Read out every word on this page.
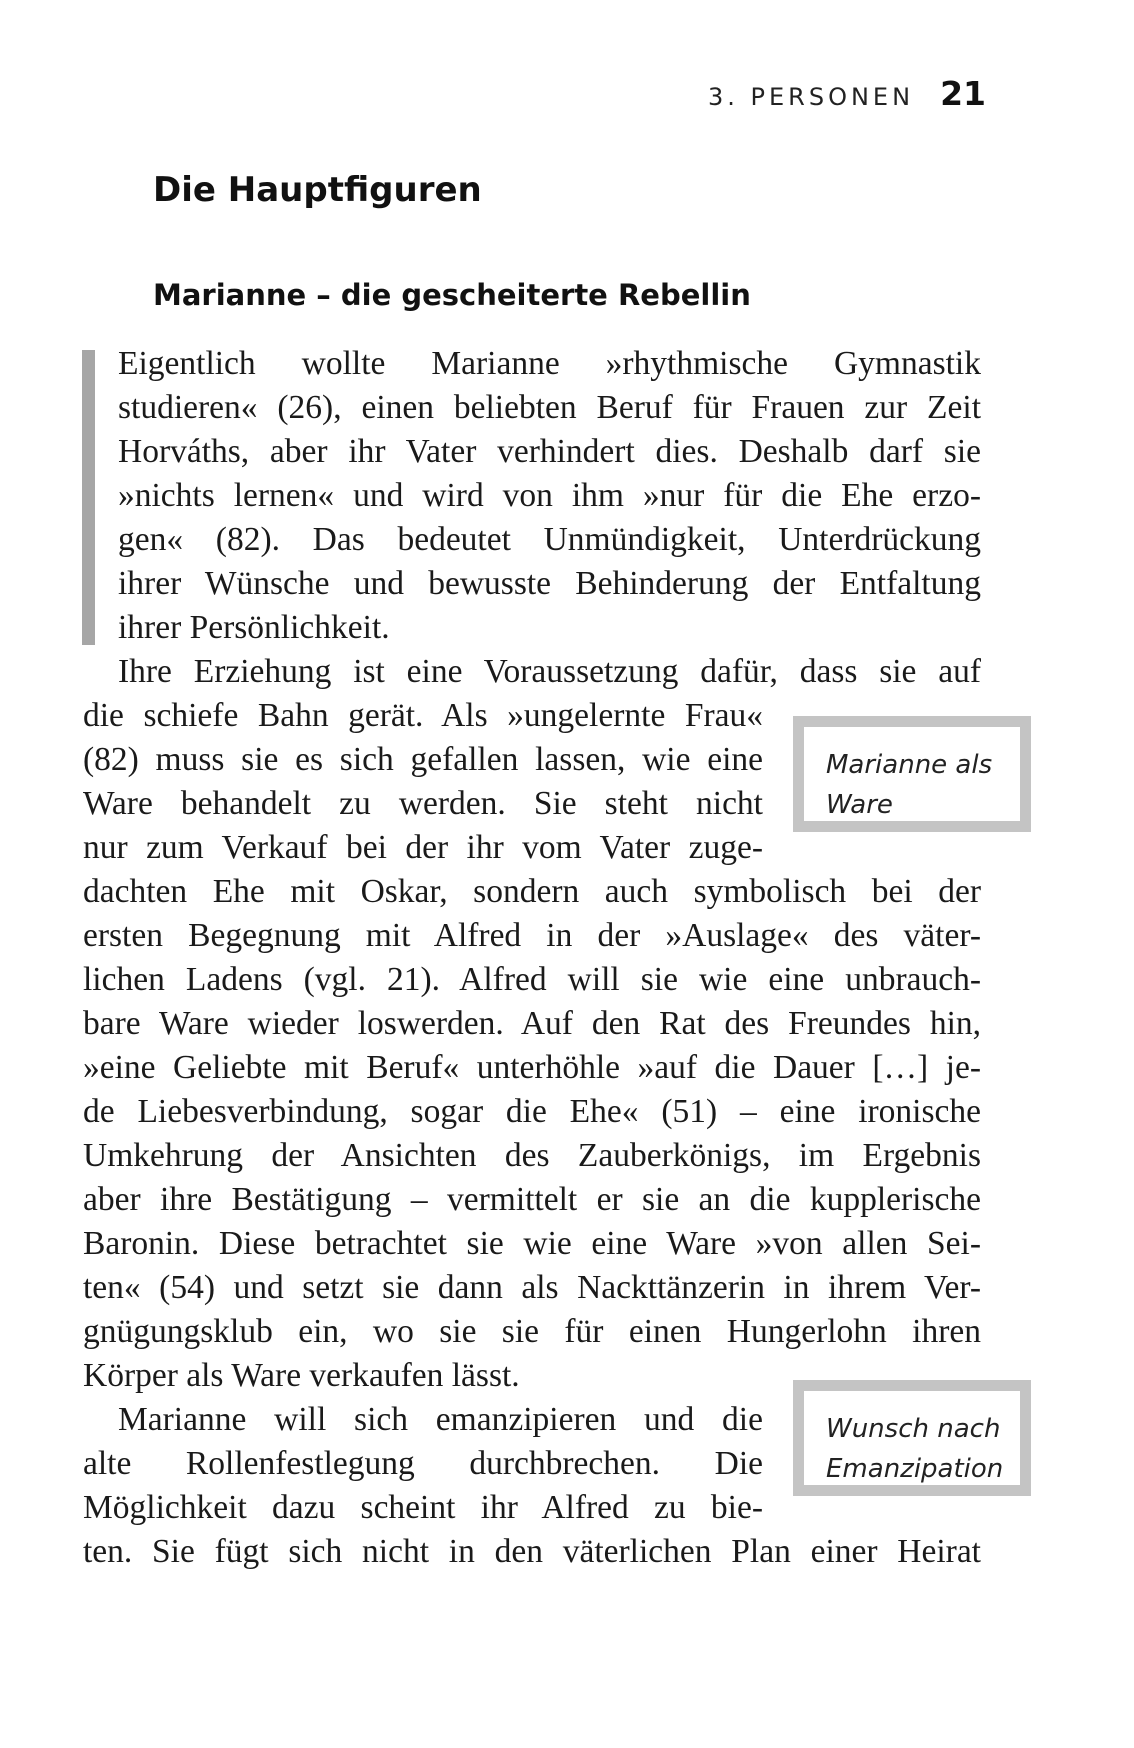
3. PERSONEN 21
Die Hauptfiguren
Marianne – die gescheiterte Rebellin
Eigentlich wollte Marianne »rhythmische Gymnastik
studieren« (26), einen beliebten Beruf für Frauen zur Zeit
Horváths, aber ihr Vater verhindert dies. Deshalb darf sie
»nichts lernen« und wird von ihm »nur für die Ehe erzo-
gen« (82). Das bedeutet Unmündigkeit, Unterdrückung
ihrer Wünsche und bewusste Behinderung der Entfaltung
ihrer Persönlichkeit.
Ihre Erziehung ist eine Voraussetzung dafür, dass sie auf
die schiefe Bahn gerät. Als »ungelernte Frau«
(82) muss sie es sich gefallen lassen, wie eine
Ware behandelt zu werden. Sie steht nicht
nur zum Verkauf bei der ihr vom Vater zuge-
dachten Ehe mit Oskar, sondern auch symbolisch bei der
ersten Begegnung mit Alfred in der »Auslage« des väter-
lichen Ladens (vgl. 21). Alfred will sie wie eine unbrauch-
bare Ware wieder loswerden. Auf den Rat des Freundes hin,
»eine Geliebte mit Beruf« unterhöhle »auf die Dauer […] je-
de Liebesverbindung, sogar die Ehe« (51) – eine ironische
Umkehrung der Ansichten des Zauberkönigs, im Ergebnis
aber ihre Bestätigung – vermittelt er sie an die kupplerische
Baronin. Diese betrachtet sie wie eine Ware »von allen Sei-
ten« (54) und setzt sie dann als Nackttänzerin in ihrem Ver-
gnügungsklub ein, wo sie sie für einen Hungerlohn ihren
Körper als Ware verkaufen lässt.
Marianne will sich emanzipieren und die
alte Rollenfestlegung durchbrechen. Die
Möglichkeit dazu scheint ihr Alfred zu bie-
ten. Sie fügt sich nicht in den väterlichen Plan einer Heirat
Marianne als
Ware
Wunsch nach
Emanzipation
